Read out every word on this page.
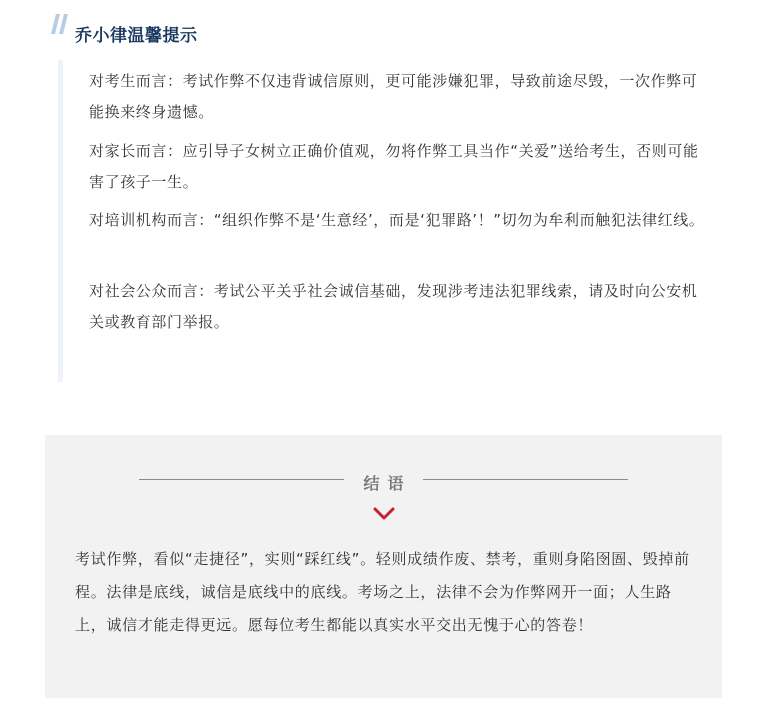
乔小律温馨提示

对考生而言：考试作弊不仅违背诚信原则，更可能涉嫌犯罪，导致前途尽毁，一次作弊可能换来终身遗憾。

对家长而言：应引导子女树立正确价值观，勿将作弊工具当作“关爱”送给考生，否则可能害了孩子一生。

对培训机构而言：“组织作弊不是‘生意经’，而是‘犯罪路’！”切勿为牟利而触犯法律红线。

对社会公众而言：考试公平关乎社会诚信基础，发现涉考违法犯罪线索，请及时向公安机关或教育部门举报。

结语

考试作弊，看似“走捷径”，实则“踩红线”。轻则成绩作废、禁考，重则身陷囹圄、毁掉前程。法律是底线，诚信是底线中的底线。考场之上，法律不会为作弊网开一面；人生路上，诚信才能走得更远。愿每位考生都能以真实水平交出无愧于心的答卷！
